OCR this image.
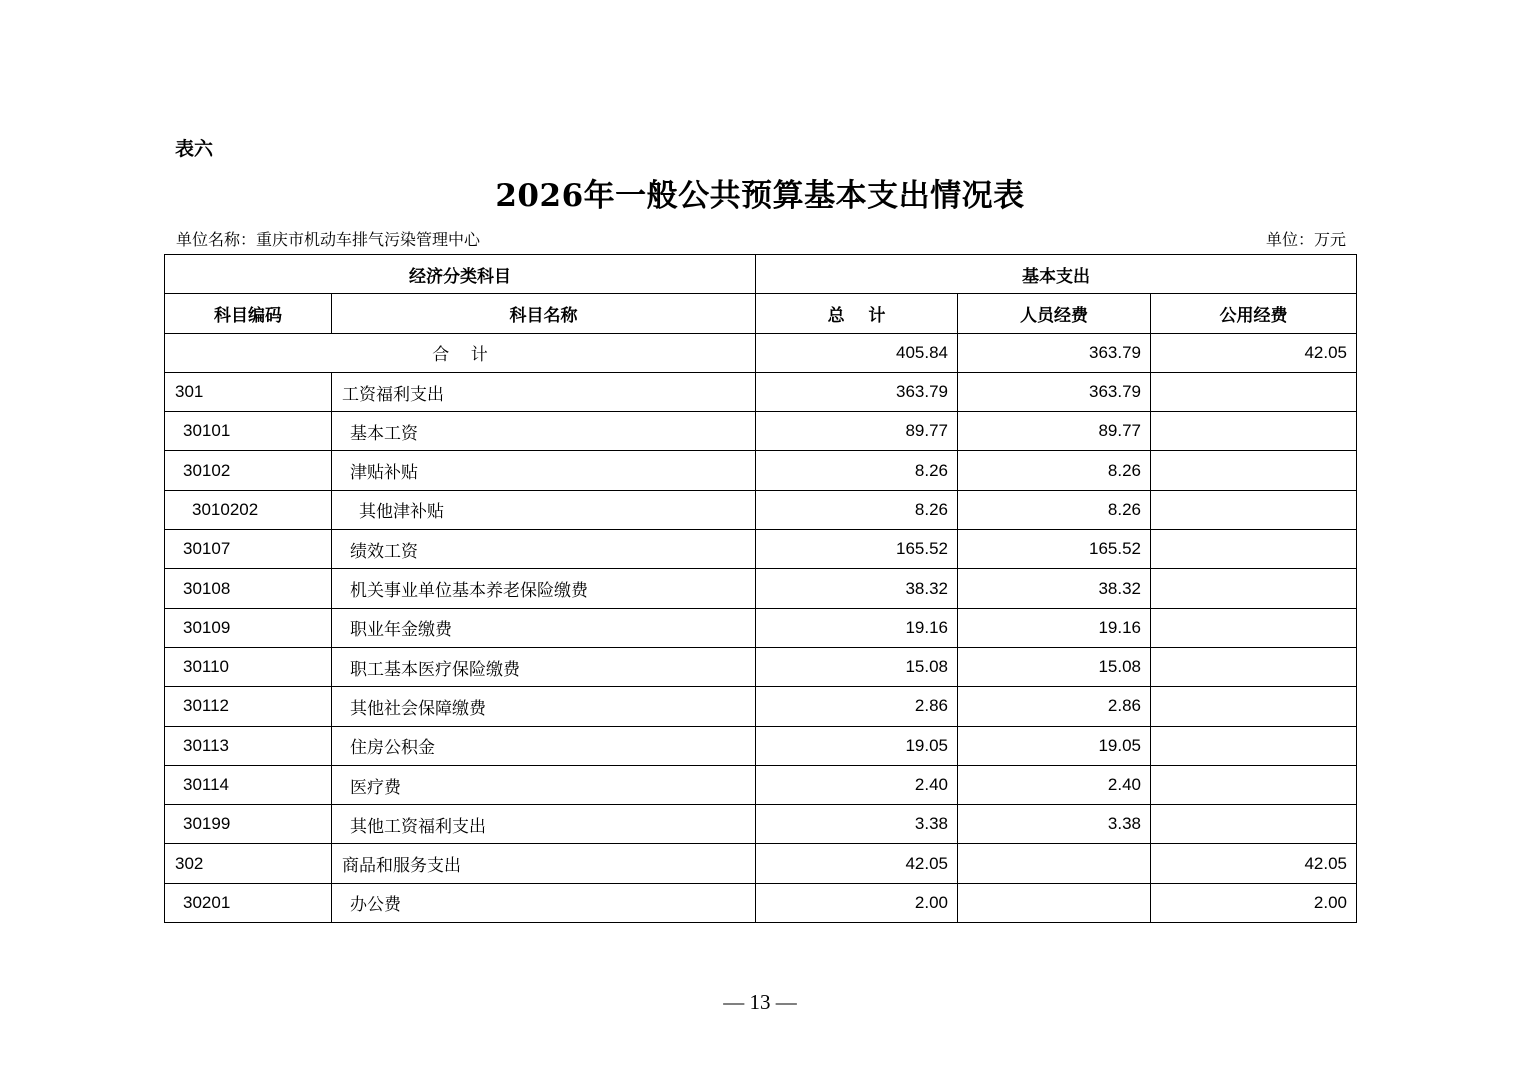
表六
2026年一般公共预算基本支出情况表
单位名称：重庆市机动车排气污染管理中心	单位：万元
经济分类科目		基本支出		
科目编码	科目名称	总    计	人员经费	公用经费
合    计		405.84	363.79	42.05
301	工资福利支出	363.79	363.79	
30101	基本工资	89.77	89.77	
30102	津贴补贴	8.26	8.26	
3010202	其他津补贴	8.26	8.26	
30107	绩效工资	165.52	165.52	
30108	机关事业单位基本养老保险缴费	38.32	38.32	
30109	职业年金缴费	19.16	19.16	
30110	职工基本医疗保险缴费	15.08	15.08	
30112	其他社会保障缴费	2.86	2.86	
30113	住房公积金	19.05	19.05	
30114	医疗费	2.40	2.40	
30199	其他工资福利支出	3.38	3.38	
302	商品和服务支出	42.05		42.05
30201	办公费	2.00		2.00
— 13 —
